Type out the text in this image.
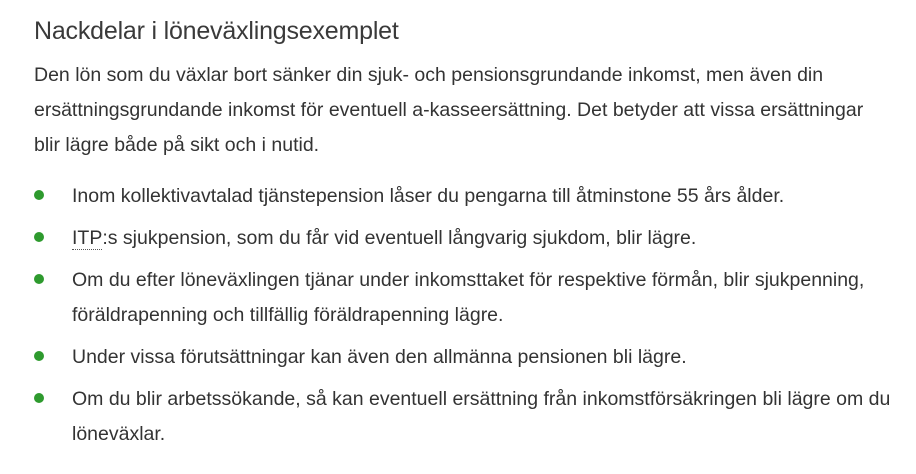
Nackdelar i löneväxlingsexemplet

Den lön som du växlar bort sänker din sjuk- och pensionsgrundande inkomst, men även din ersättningsgrundande inkomst för eventuell a-kasseersättning. Det betyder att vissa ersättningar blir lägre både på sikt och i nutid.

Inom kollektivavtalad tjänstepension låser du pengarna till åtminstone 55 års ålder.
ITP:s sjukpension, som du får vid eventuell långvarig sjukdom, blir lägre.
Om du efter löneväxlingen tjänar under inkomsttaket för respektive förmån, blir sjukpenning, föräldrapenning och tillfällig föräldrapenning lägre.
Under vissa förutsättningar kan även den allmänna pensionen bli lägre.
Om du blir arbetssökande, så kan eventuell ersättning från inkomstförsäkringen bli lägre om du löneväxlar.
